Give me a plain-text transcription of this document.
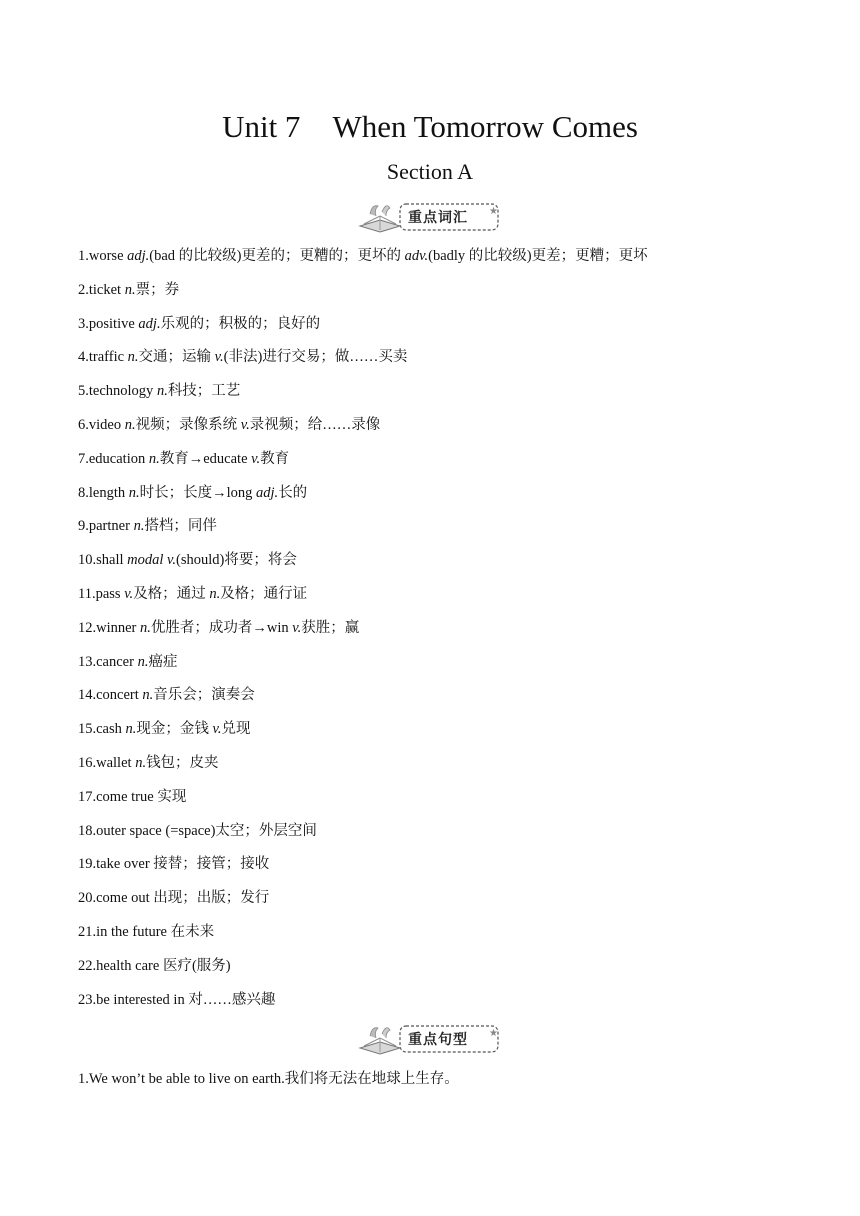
Unit 7 When Tomorrow Comes
Section A
★
重点词汇
1.worse adj.(bad 的比较级)更差的；更糟的；更坏的 adv.(badly 的比较级)更差；更糟；更坏
2.ticket n.票；券
3.positive adj.乐观的；积极的；良好的
4.traffic n.交通；运输 v.(非法)进行交易；做……买卖
5.technology n.科技；工艺
6.video n.视频；录像系统 v.录视频；给……录像
7.education n.教育→educate v.教育
8.length n.时长；长度→long adj.长的
9.partner n.搭档；同伴
10.shall modal v.(should)将要；将会
11.pass v.及格；通过 n.及格；通行证
12.winner n.优胜者；成功者→win v.获胜；赢
13.cancer n.癌症
14.concert n.音乐会；演奏会
15.cash n.现金；金钱 v.兑现
16.wallet n.钱包；皮夹
17.come true 实现
18.outer space (=space)太空；外层空间
19.take over 接替；接管；接收
20.come out 出现；出版；发行
21.in the future 在未来
22.health care 医疗(服务)
23.be interested in 对……感兴趣
★
重点句型
1.We won’t be able to live on earth.我们将无法在地球上生存。
